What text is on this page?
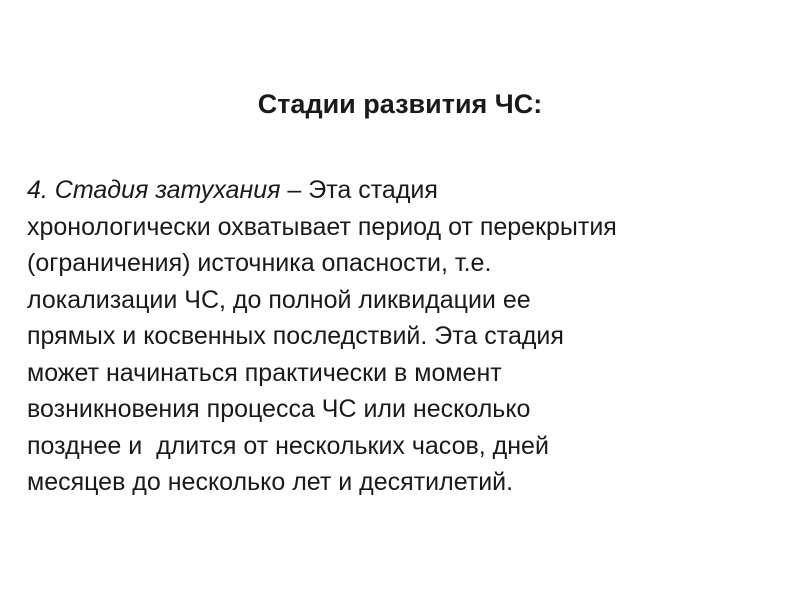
Стадии развития ЧС:

4. Стадия затухания – Эта стадия
хронологически охватывает период от перекрытия
(ограничения) источника опасности, т.е.
локализации ЧС, до полной ликвидации ее
прямых и косвенных последствий. Эта стадия
может начинаться практически в момент
возникновения процесса ЧС или несколько
позднее и  длится от нескольких часов, дней
месяцев до несколько лет и десятилетий.
